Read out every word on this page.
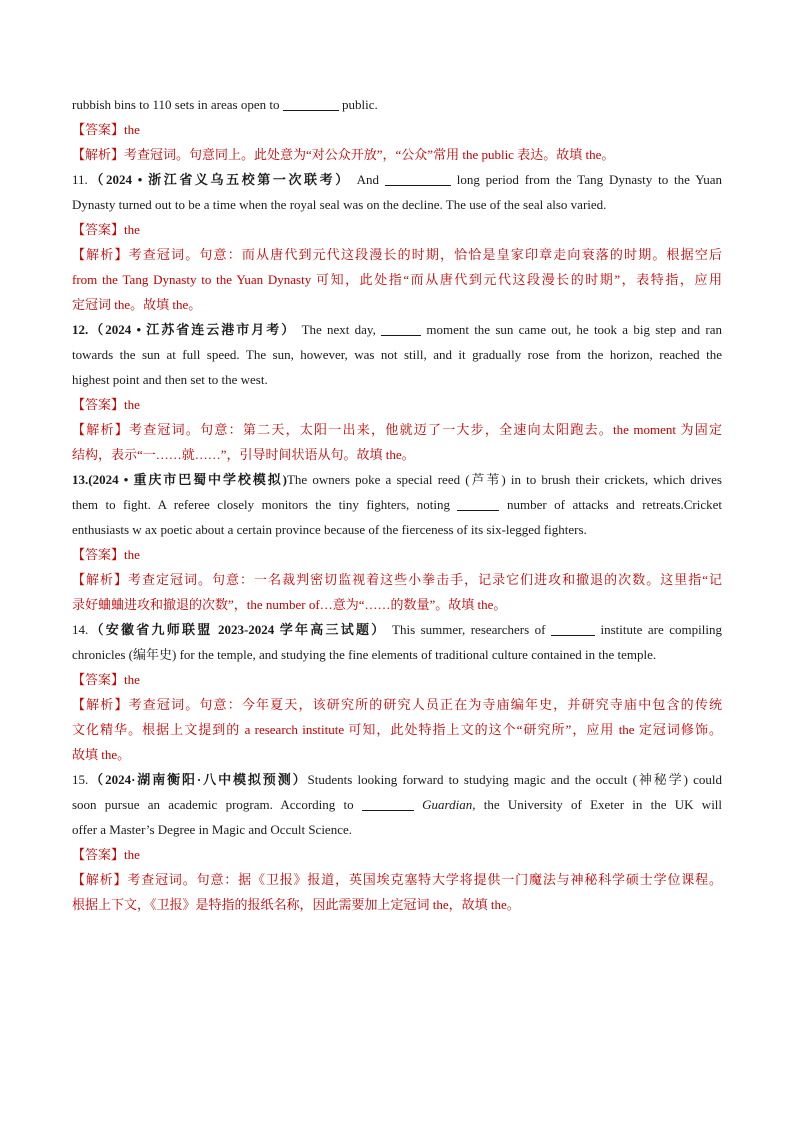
rubbish bins to 110 sets in areas open to	public.
【答案】the
【解析】考查冠词。句意同上。此处意为“对公众开放”，“公众”常用 the public 表达。故填 the。
11.（2024 • 浙江省义乌五校第一次联考） And	long period from the Tang Dynasty to the Yuan
Dynasty turned out to be a time when the royal seal was on the decline. The use of the seal also varied.
【答案】the
【解析】考查冠词。句意：而从唐代到元代这段漫长的时期，恰恰是皇家印章走向衰落的时期。根据空后
from the Tang Dynasty to the Yuan Dynasty 可知，此处指“而从唐代到元代这段漫长的时期”，表特指，应用
定冠词 the。故填 the。
12.（2024 • 江苏省连云港市月考） The next day,	moment the sun came out, he took a big step and ran
towards the sun at full speed. The sun, however, was not still, and it gradually rose from the horizon, reached the
highest point and then set to the west.
【答案】the
【解析】考查冠词。句意：第二天，太阳一出来，他就迈了一大步，全速向太阳跑去。the moment 为固定
结构，表示“一……就……”，引导时间状语从句。故填 the。
13.(2024 • 重庆市巴蜀中学校模拟)The owners poke a special reed (芦苇) in to brush their crickets, which drives
them to fight. A referee closely monitors the tiny fighters, noting	number of attacks and retreats.Cricket
enthusiasts w ax poetic about a certain province because of the fierceness of its six-legged fighters.
【答案】the
【解析】考查定冠词。句意：一名裁判密切监视着这些小拳击手，记录它们进攻和撤退的次数。这里指“记
录好蛐蛐进攻和撤退的次数”，the number of…意为“……的数量”。故填 the。
14.（安徽省九师联盟 2023-2024 学年高三试题） This summer, researchers of	institute are compiling
chronicles (编年史) for the temple, and studying the fine elements of traditional culture contained in the temple.
【答案】the
【解析】考查冠词。句意：今年夏天，该研究所的研究人员正在为寺庙编年史，并研究寺庙中包含的传统
文化精华。根据上文提到的 a research institute 可知，此处特指上文的这个“研究所”，应用 the 定冠词修饰。
故填 the。
15.（2024·湖南衡阳·八中模拟预测）Students looking forward to studying magic and the occult (神秘学) could
soon pursue an academic program. According to	Guardian, the University of Exeter in the UK will
offer a Master’s Degree in Magic and Occult Science.
【答案】the
【解析】考查冠词。句意：据《卫报》报道，英国埃克塞特大学将提供一门魔法与神秘科学硕士学位课程。
根据上下文，《卫报》是特指的报纸名称，因此需要加上定冠词 the，故填 the。
